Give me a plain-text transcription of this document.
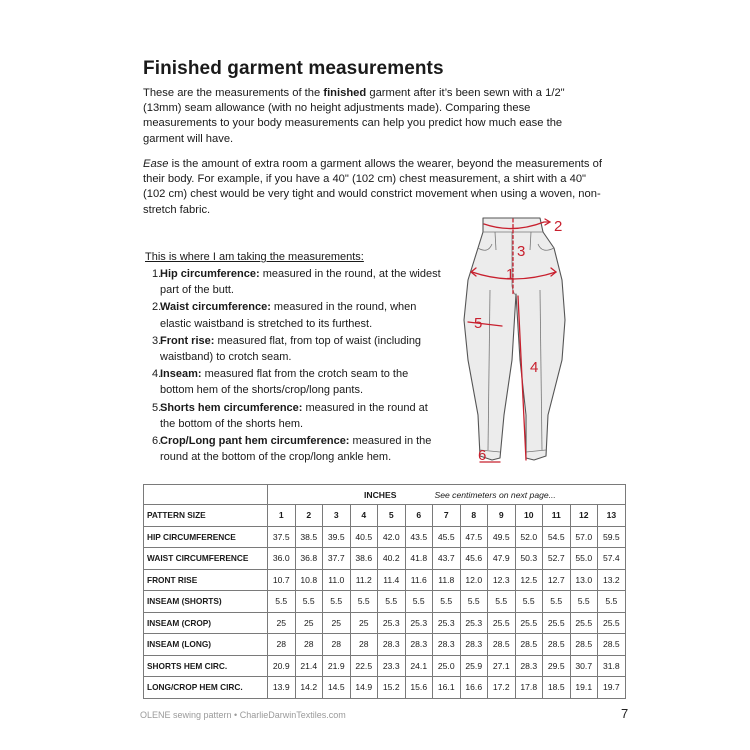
Finished garment measurements

These are the measurements of the finished garment after it’s been sewn with a 1/2" (13mm) seam allowance (with no height adjustments made). Comparing these measurements to your body measurements can help you predict how much ease the garment will have.

Ease is the amount of extra room a garment allows the wearer, beyond the measurements of their body. For example, if you have a 40" (102 cm) chest measurement, a shirt with a 40" (102 cm) chest would be very tight and would constrict movement when using a woven, non-stretch fabric.

This is where I am taking the measurements:

1.
Hip circumference: measured in the round, at the widest part of the butt.
2.
Waist circumference: measured in the round, when elastic waistband is stretched to its furthest.
3.
Front rise: measured flat, from top of waist (including waistband) to crotch seam.
4.
Inseam: measured flat from the crotch seam to the bottom hem of the shorts/crop/long pants.
5.
Shorts hem circumference: measured in the round at the bottom of the shorts hem.
6.
Crop/Long pant hem circumference: measured in the round at the bottom of the crop/long ankle hem.
2
3
1
4
5
6
	INCHES See centimeters on next page...												
PATTERN SIZE	1	2	3	4	5	6	7	8	9	10	11	12	13
HIP CIRCUMFERENCE	37.5	38.5	39.5	40.5	42.0	43.5	45.5	47.5	49.5	52.0	54.5	57.0	59.5
WAIST CIRCUMFERENCE	36.0	36.8	37.7	38.6	40.2	41.8	43.7	45.6	47.9	50.3	52.7	55.0	57.4
FRONT RISE	10.7	10.8	11.0	11.2	11.4	11.6	11.8	12.0	12.3	12.5	12.7	13.0	13.2
INSEAM (SHORTS)	5.5	5.5	5.5	5.5	5.5	5.5	5.5	5.5	5.5	5.5	5.5	5.5	5.5
INSEAM (CROP)	25	25	25	25	25.3	25.3	25.3	25.3	25.5	25.5	25.5	25.5	25.5
INSEAM (LONG)	28	28	28	28	28.3	28.3	28.3	28.3	28.5	28.5	28.5	28.5	28.5
SHORTS HEM CIRC.	20.9	21.4	21.9	22.5	23.3	24.1	25.0	25.9	27.1	28.3	29.5	30.7	31.8
LONG/CROP HEM CIRC.	13.9	14.2	14.5	14.9	15.2	15.6	16.1	16.6	17.2	17.8	18.5	19.1	19.7

OLENE sewing pattern • CharlieDarwinTextiles.com	7
